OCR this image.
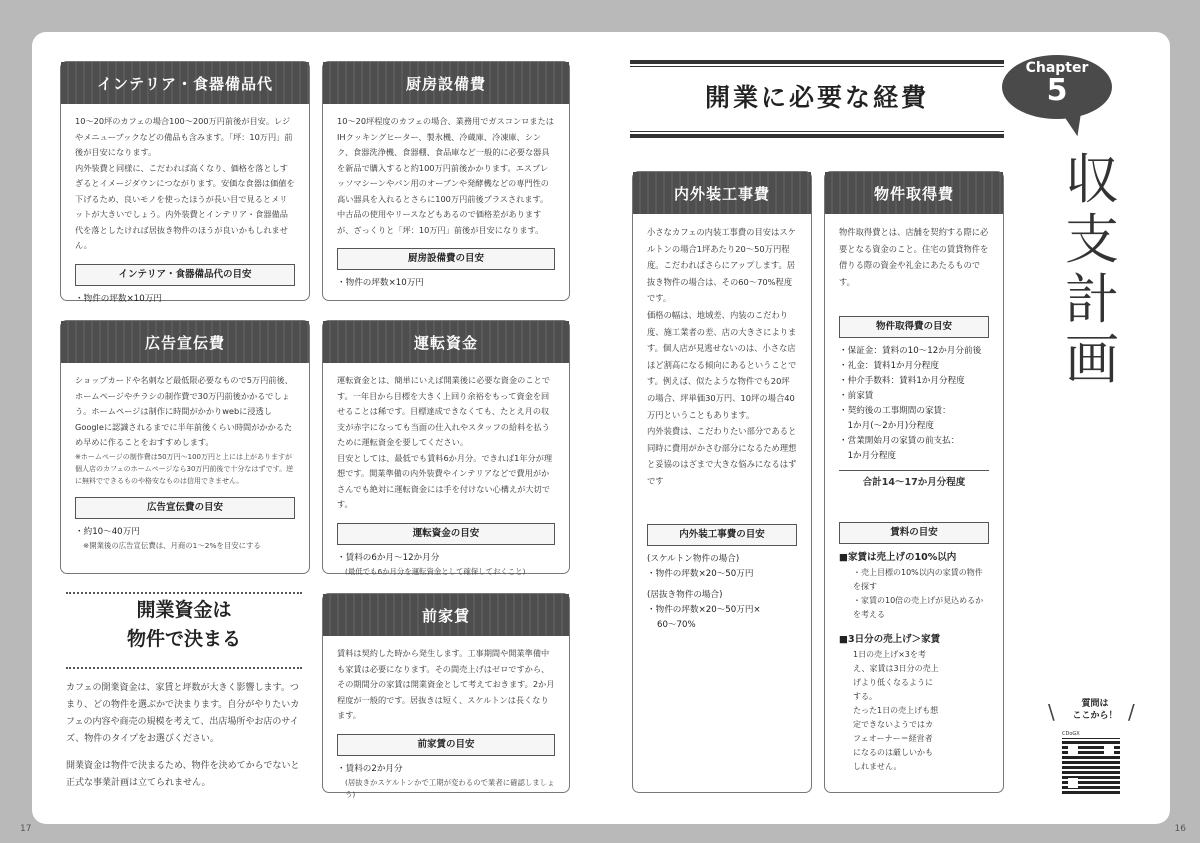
17	16
インテリア・食器備品代

10〜20坪のカフェの場合100〜200万円前後が目安。レジやメニューブックなどの備品も含みます。「坪：10万円」前後が目安になります。

内外装費と同様に、こだわれば高くなり、価格を落としすぎるとイメージダウンにつながります。安価な食器は価値を下げるため、良いモノを使ったほうが長い目で見るとメリットが大きいでしょう。内外装費とインテリア・食器備品代を落としたければ居抜き物件のほうが良いかもしれません。

インテリア・食器備品代の目安
・物件の坪数×10万円
厨房設備費

10〜20坪程度のカフェの場合、業務用でガスコンロまたはIHクッキングヒーター、製氷機、冷蔵庫、冷凍庫、シンク、食器洗浄機、食器棚、食品庫など一般的に必要な器具を新品で購入すると約100万円前後かかります。エスプレッソマシーンやパン用のオーブンや発酵機などの専門性の高い器具を入れるとさらに100万円前後プラスされます。

中古品の使用やリースなどもあるので価格差がありますが、ざっくりと「坪：10万円」前後が目安になります。

厨房設備費の目安
・物件の坪数×10万円
広告宣伝費

ショップカードや名刺など最低限必要なもので5万円前後、ホームページやチラシの制作費で30万円前後かかるでしょう。ホームページは制作に時間がかかりwebに浸透しGoogleに認識されるまでに半年前後くらい時間がかかるため早めに作ることをおすすめします。

※ホームページの制作費は50万円〜100万円と上には上がありますが個人店のカフェのホームページなら30万円前後で十分なはずです。逆に無料でできるものや格安なものは信用できません。

広告宣伝費の目安
・約10〜40万円
※開業後の広告宣伝費は、月商の1〜2%を目安にする
運転資金

運転資金とは、簡単にいえば開業後に必要な資金のことです。一年目から目標を大きく上回り余裕をもって資金を回せることは稀です。目標達成できなくても、たとえ月の収支が赤字になっても当面の仕入れやスタッフの給料を払うために運転資金を要してください。

目安としては、最低でも賃料6か月分。できれば1年分が理想です。開業準備の内外装費やインテリアなどで費用がかさんでも絶対に運転資金には手を付けない心構えが大切です。

運転資金の目安
・賃料の6か月〜12か月分
(最低でも6か月分を運転資金として確保しておくこと)
開業資金は
物件で決まる

カフェの開業資金は、家賃と坪数が大きく影響します。つまり、どの物件を選ぶかで決まります。自分がやりたいカフェの内容や商売の規模を考えて、出店場所やお店のサイズ、物件のタイプをお選びください。

開業資金は物件で決まるため、物件を決めてからでないと正式な事業計画は立てられません。

前家賃

賃料は契約した時から発生します。工事期間や開業準備中も家賃は必要になります。その間売上げはゼロですから、その期間分の家賃は開業資金として考えておきます。2か月程度が一般的です。居抜きは短く、スケルトンは長くなります。

前家賃の目安
・賃料の2か月分
(居抜きかスケルトンかで工期が変わるので業者に確認しましょう)
開業に必要な経費
内外装工事費

小さなカフェの内装工事費の目安はスケルトンの場合1坪あたり20〜50万円程度。こだわればさらにアップします。居抜き物件の場合は、その60〜70%程度です。

価格の幅は、地域差、内装のこだわり度、施工業者の差、店の大きさによります。個人店が見逃せないのは、小さな店ほど割高になる傾向にあるということです。例えば、似たような物件でも20坪の場合、坪単価30万円、10坪の場合40万円ということもあります。

内外装費は、こだわりたい部分であると同時に費用がかさむ部分になるため理想と妥協のはざまで大きな悩みになるはずです

内外装工事費の目安
(スケルトン物件の場合)
・物件の坪数×20〜50万円
(居抜き物件の場合)
・物件の坪数×20〜50万円×
60〜70%
物件取得費

物件取得費とは、店舗を契約する際に必要となる資金のこと。住宅の賃貸物件を借りる際の資金や礼金にあたるものです。

物件取得費の目安
・保証金：賃料の10〜12か月分前後
・礼金：賃料1か月分程度
・仲介手数料：賃料1か月分程度
・前家賃
・契約後の工事期間の家賃：
　1か月(〜2か月)分程度
・営業開始月の家賃の前支払：
　1か月分程度
合計14〜17か月分程度
賃料の目安
■家賃は売上げの10%以内
・売上目標の10%以内の家賃の物件を探す
・家賃の10倍の売上げが見込めるかを考える
■3日分の売上げ＞家賃
1日の売上げ×3を考え、家賃は3日分の売上げより低くなるようにする。
たった1日の売上げも想定できないようではカフェオーナー＝経営者になるのは厳しいかもしれません。
Chapter
5
収
支
計
画
\	質問は
ここから！ /
CDoGX
